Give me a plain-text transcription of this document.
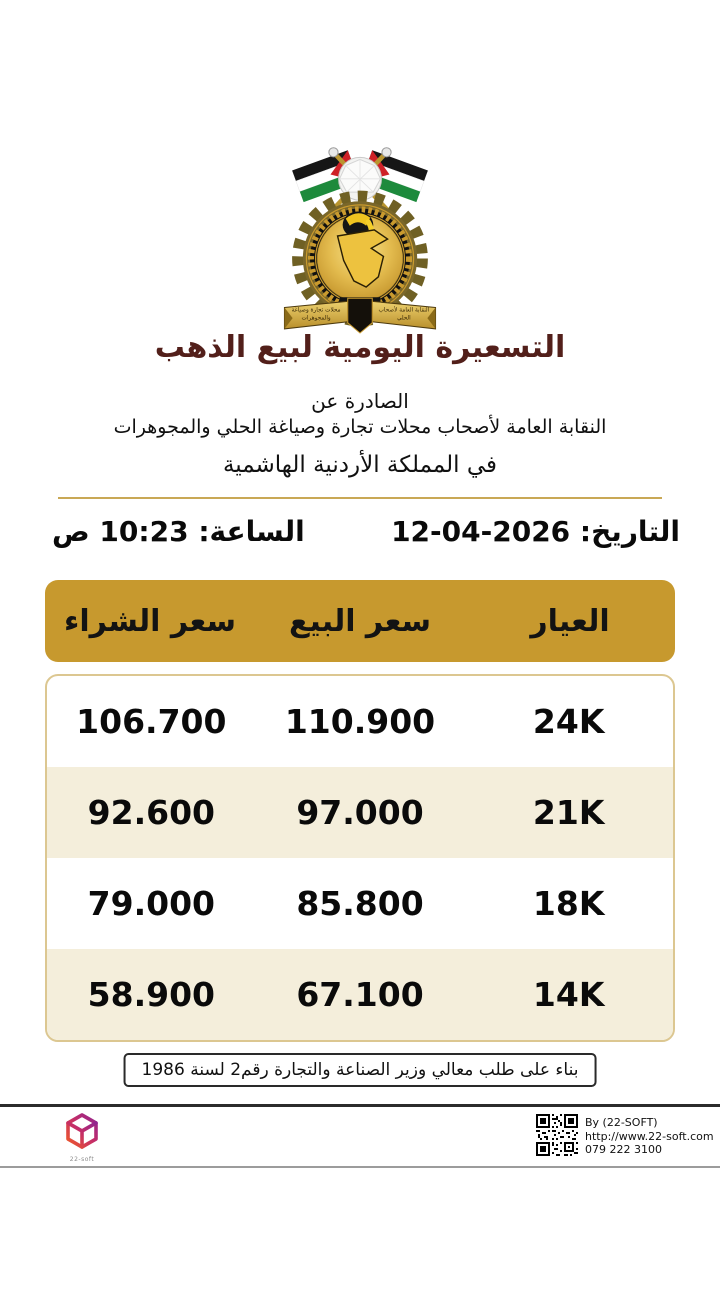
النقابة العامة لأصحاب
الحلي
محلات تجارة وصياغة
والمجوهرات
التسعيرة اليومية لبيع الذهب
الصادرة عن
النقابة العامة لأصحاب محلات تجارة وصياغة الحلي والمجوهرات
في المملكة الأردنية الهاشمية
التاريخ: 12-04-2026
الساعة: 10:23 ص
العيار
سعر البيع
سعر الشراء
24K
110.900
106.700
21K
97.000
92.600
18K
85.800
79.000
14K
67.100
58.900
بناء على طلب معالي وزير الصناعة والتجارة رقم2 لسنة 1986
22-soft
By (22-SOFT)
http://www.22-soft.com
079 222 3100
